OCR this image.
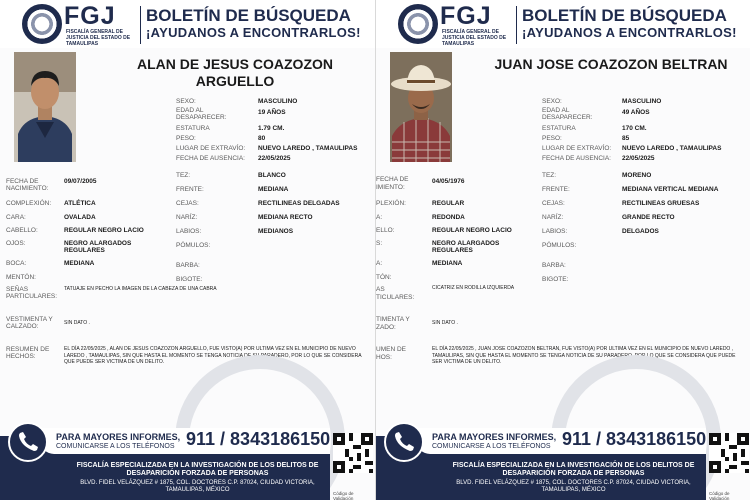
FGJ
FISCALÍA GENERAL DE JUSTICIA DEL ESTADO DE TAMAULIPAS
BOLETÍN DE BÚSQUEDA
¡AYUDANOS A ENCONTRARLOS!
ALAN DE JESUS COAZOZON ARGUELLO
SEXO:	MASCULINO
EDAD AL DESAPARECER:
19 AÑOS
ESTATURA	1.79 CM.
PESO:	80
LUGAR DE EXTRAVÍO: NUEVO LAREDO , TAMAULIPAS
FECHA DE AUSENCIA: 22/05/2025
TEZ:	BLANCO
FRENTE:	MEDIANA
CEJAS:	RECTILINEAS DELGADAS
NARÍZ:	MEDIANA RECTO
LABIOS:	MEDIANOS
PÓMULOS:
BARBA:
BIGOTE:
FECHA DE NACIMIENTO:
09/07/2005
COMPLEXIÓN: ATLÉTICA
CARA:	OVALADA
CABELLO:	REGULAR NEGRO LACIO
OJOS:	NEGRO ALARGADOS REGULARES
BOCA:	MEDIANA
MENTÓN:
SEÑAS PARTICULARES:
TATUAJE EN PECHO LA IMAGEN DE LA CABEZA DE UNA CABRA
VESTIMENTA Y CALZADO:	SIN DATO .
RESUMEN DE HECHOS:
EL DÍA 22/05/2025 , ALAN DE JESUS COAZOZON ARGUELLO, FUE VISTO(A) POR ULTIMA VEZ EN EL MUNICIPIO DE NUEVO LAREDO , TAMAULIPAS, SIN QUE HASTA EL MOMENTO SE TENGA NOTICIA DE SU PARADERO, POR LO QUE SE CONSIDERA QUE PUEDE SER VICTIMA DE UN DELITO.
PARA MAYORES INFORMES,
COMUNICARSE A LOS TELÉFONOS 911 / 8343186150
FISCALÍA ESPECIALIZADA EN LA INVESTIGACIÓN DE LOS DELITOS DE DESAPARICIÓN FORZADA DE PERSONAS
BLVD. FIDEL VELÁZQUEZ # 1875, COL. DOCTORES C.P. 87024, CIUDAD VICTORIA, TAMAULIPAS, MÉXICO
Código de Validación
FGJ
FISCALÍA GENERAL DE JUSTICIA DEL ESTADO DE TAMAULIPAS
BOLETÍN DE BÚSQUEDA
¡AYUDANOS A ENCONTRARLOS!
JUAN JOSE COAZOZON BELTRAN
SEXO:	MASCULINO
EDAD AL DESAPARECER:
49 AÑOS
ESTATURA	170 CM.
PESO:	85
LUGAR DE EXTRAVÍO: NUEVO LAREDO , TAMAULIPAS
FECHA DE AUSENCIA: 22/05/2025
TEZ:	MORENO
FRENTE:	MEDIANA VERTICAL MEDIANA
CEJAS:	RECTILINEAS GRUESAS
NARÍZ:	GRANDE RECTO
LABIOS:	DELGADOS
PÓMULOS:
BARBA:
BIGOTE:
FECHA DE
IMIENTO:
04/05/1976
PLEXIÓN:	REGULAR
A:	REDONDA
ELLO:	REGULAR NEGRO LACIO
S:	NEGRO ALARGADOS REGULARES
A:	MEDIANA
TÓN:
AS
TICULARES:
CICATRIZ EN RODILLA IZQUIERDA
TIMENTA Y
ZADO:
SIN DATO .
UMEN DE
HOS:
EL DÍA 22/05/2025 , JUAN JOSE COAZOZON BELTRAN, FUE VISTO(A) POR ULTIMA VEZ EN EL MUNICIPIO DE NUEVO LAREDO , TAMAULIPAS, SIN QUE HASTA EL MOMENTO SE TENGA NOTICIA DE SU PARADERO, POR LO QUE SE CONSIDERA QUE PUEDE SER VICTIMA DE UN DELITO.
PARA MAYORES INFORMES,
COMUNICARSE A LOS TELÉFONOS 911 / 8343186150
FISCALÍA ESPECIALIZADA EN LA INVESTIGACIÓN DE LOS DELITOS DE DESAPARICIÓN FORZADA DE PERSONAS
BLVD. FIDEL VELÁZQUEZ # 1875, COL. DOCTORES C.P. 87024, CIUDAD VICTORIA, TAMAULIPAS, MÉXICO
Código de Validación
